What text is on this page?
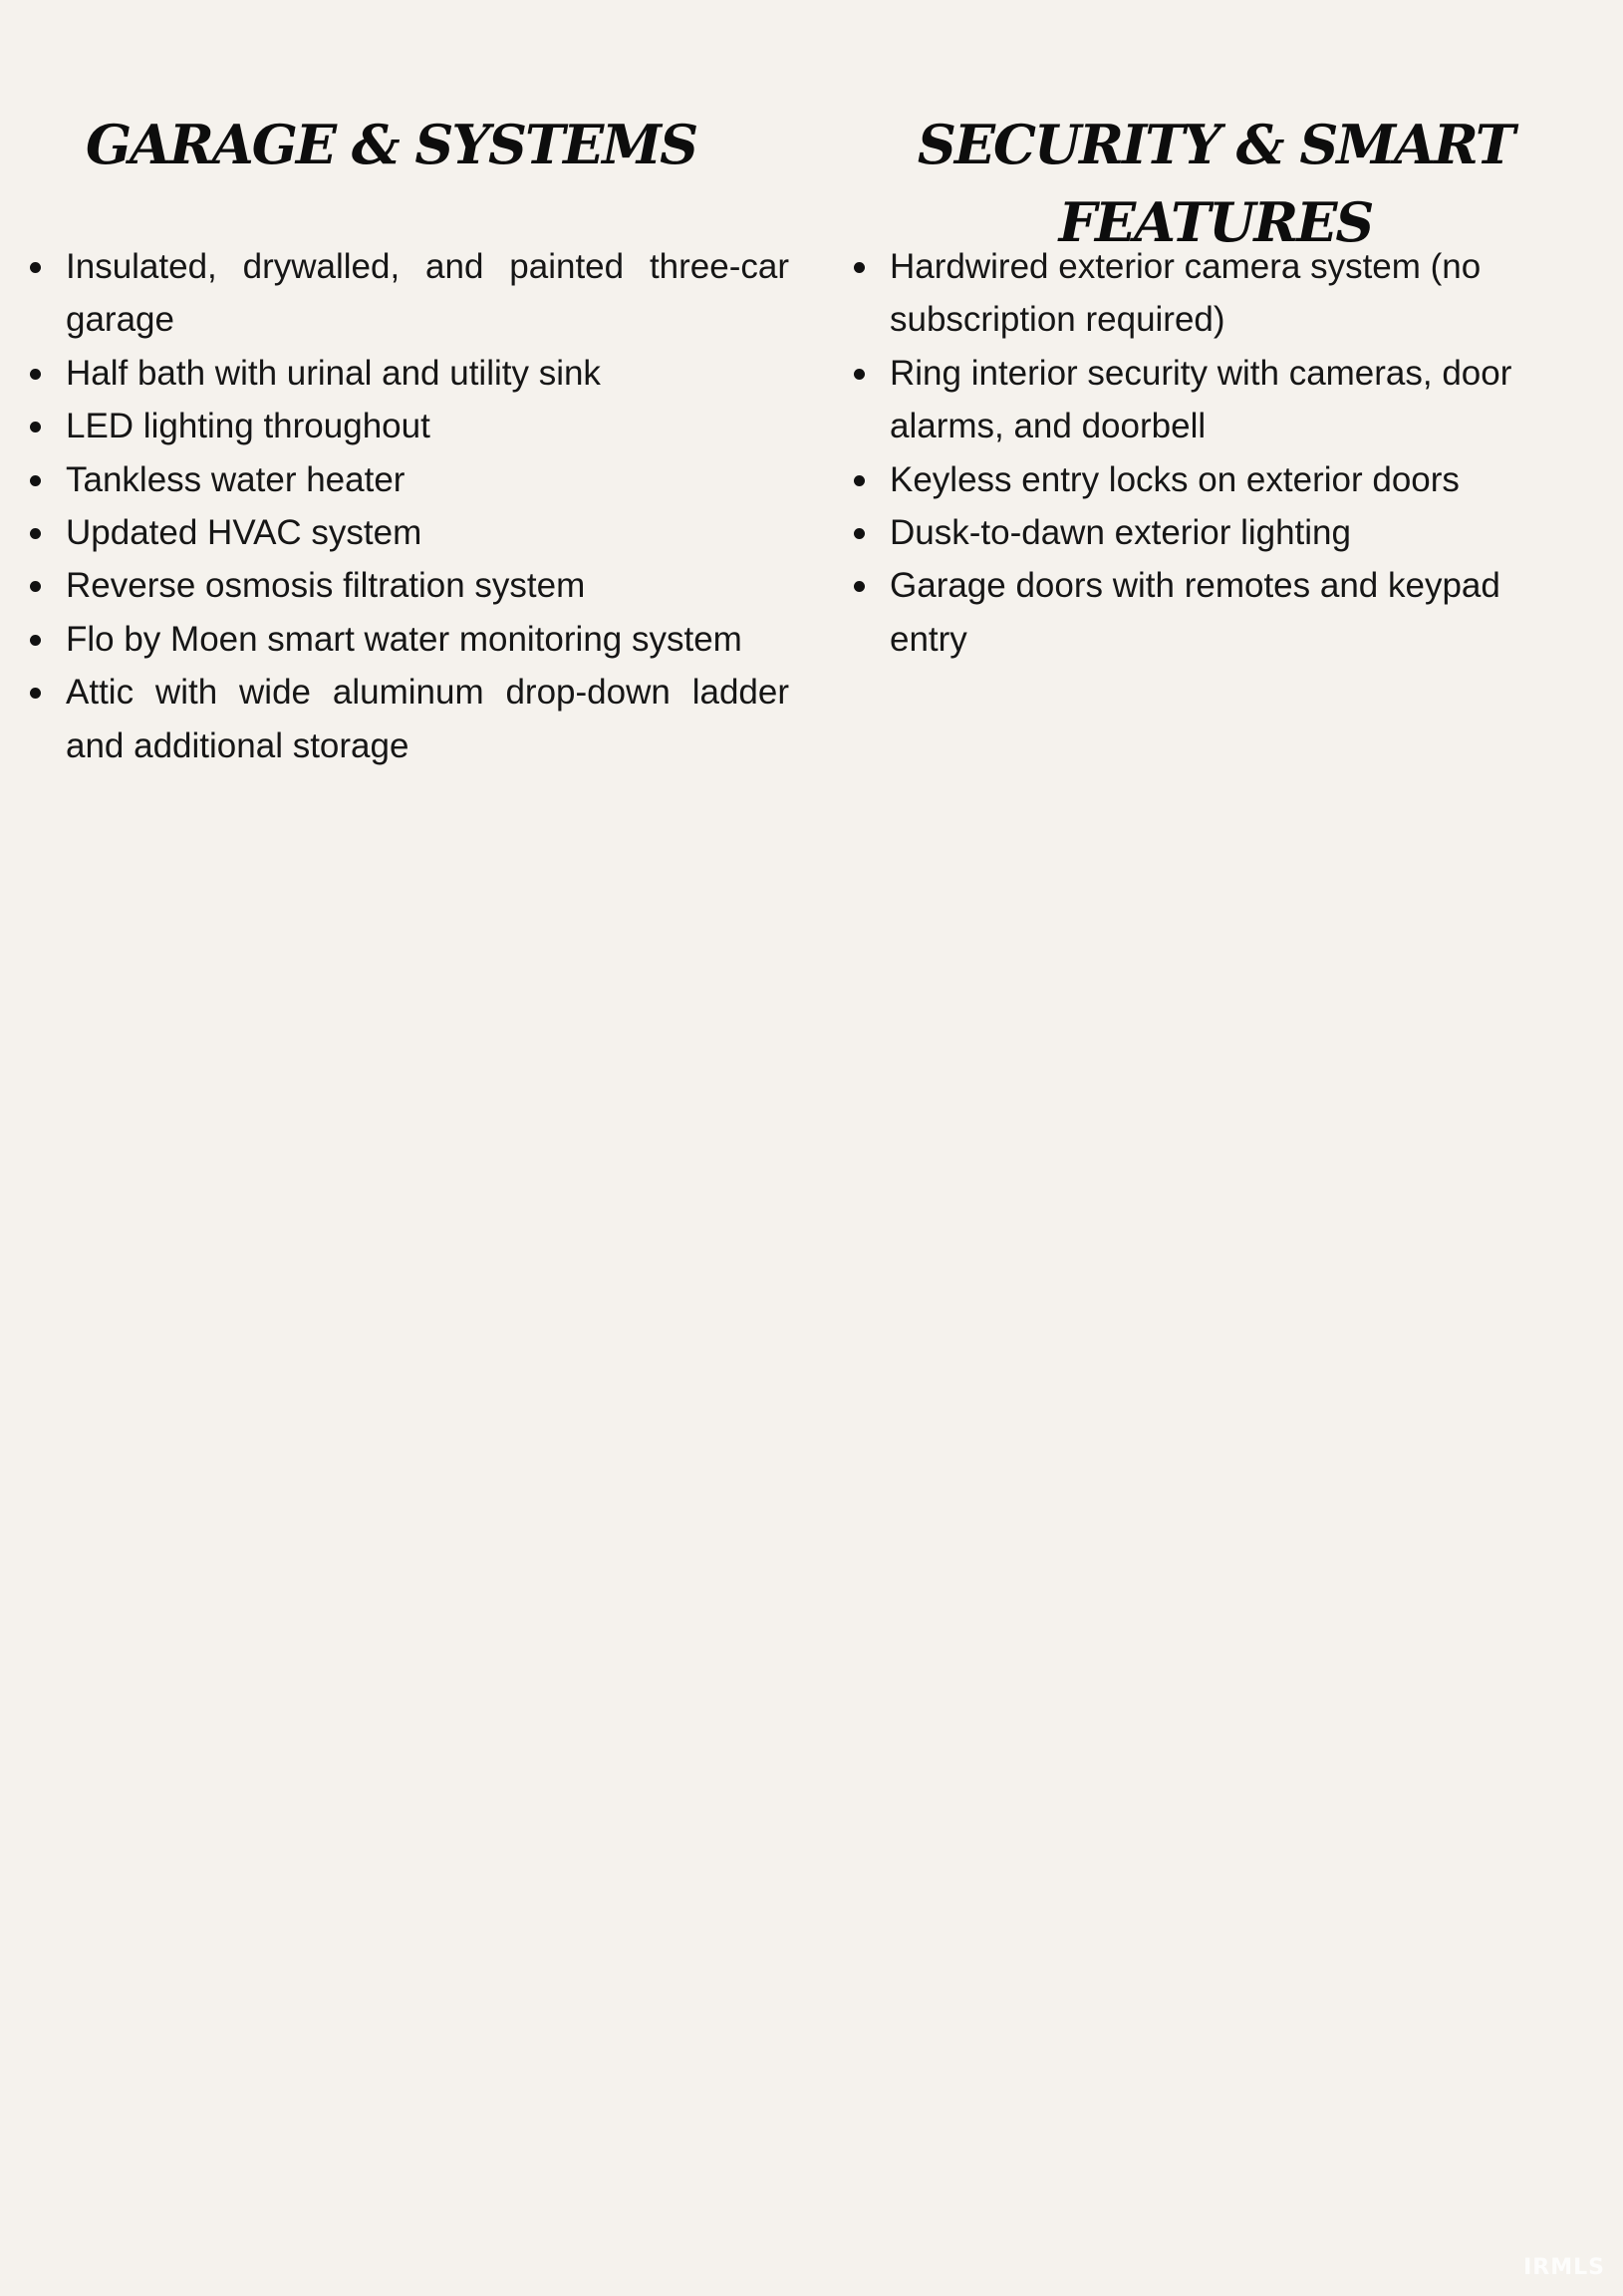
GARAGE & SYSTEMS
Insulated, drywalled, and painted three-car garage
Half bath with urinal and utility sink
LED lighting throughout
Tankless water heater
Updated HVAC system
Reverse osmosis filtration system
Flo by Moen smart water monitoring system
Attic with wide aluminum drop-down ladder and additional storage
SECURITY & SMART FEATURES
Hardwired exterior camera system (no subscription required)
Ring interior security with cameras, door alarms, and doorbell
Keyless entry locks on exterior doors
Dusk-to-dawn exterior lighting
Garage doors with remotes and keypad entry
IRMLS
